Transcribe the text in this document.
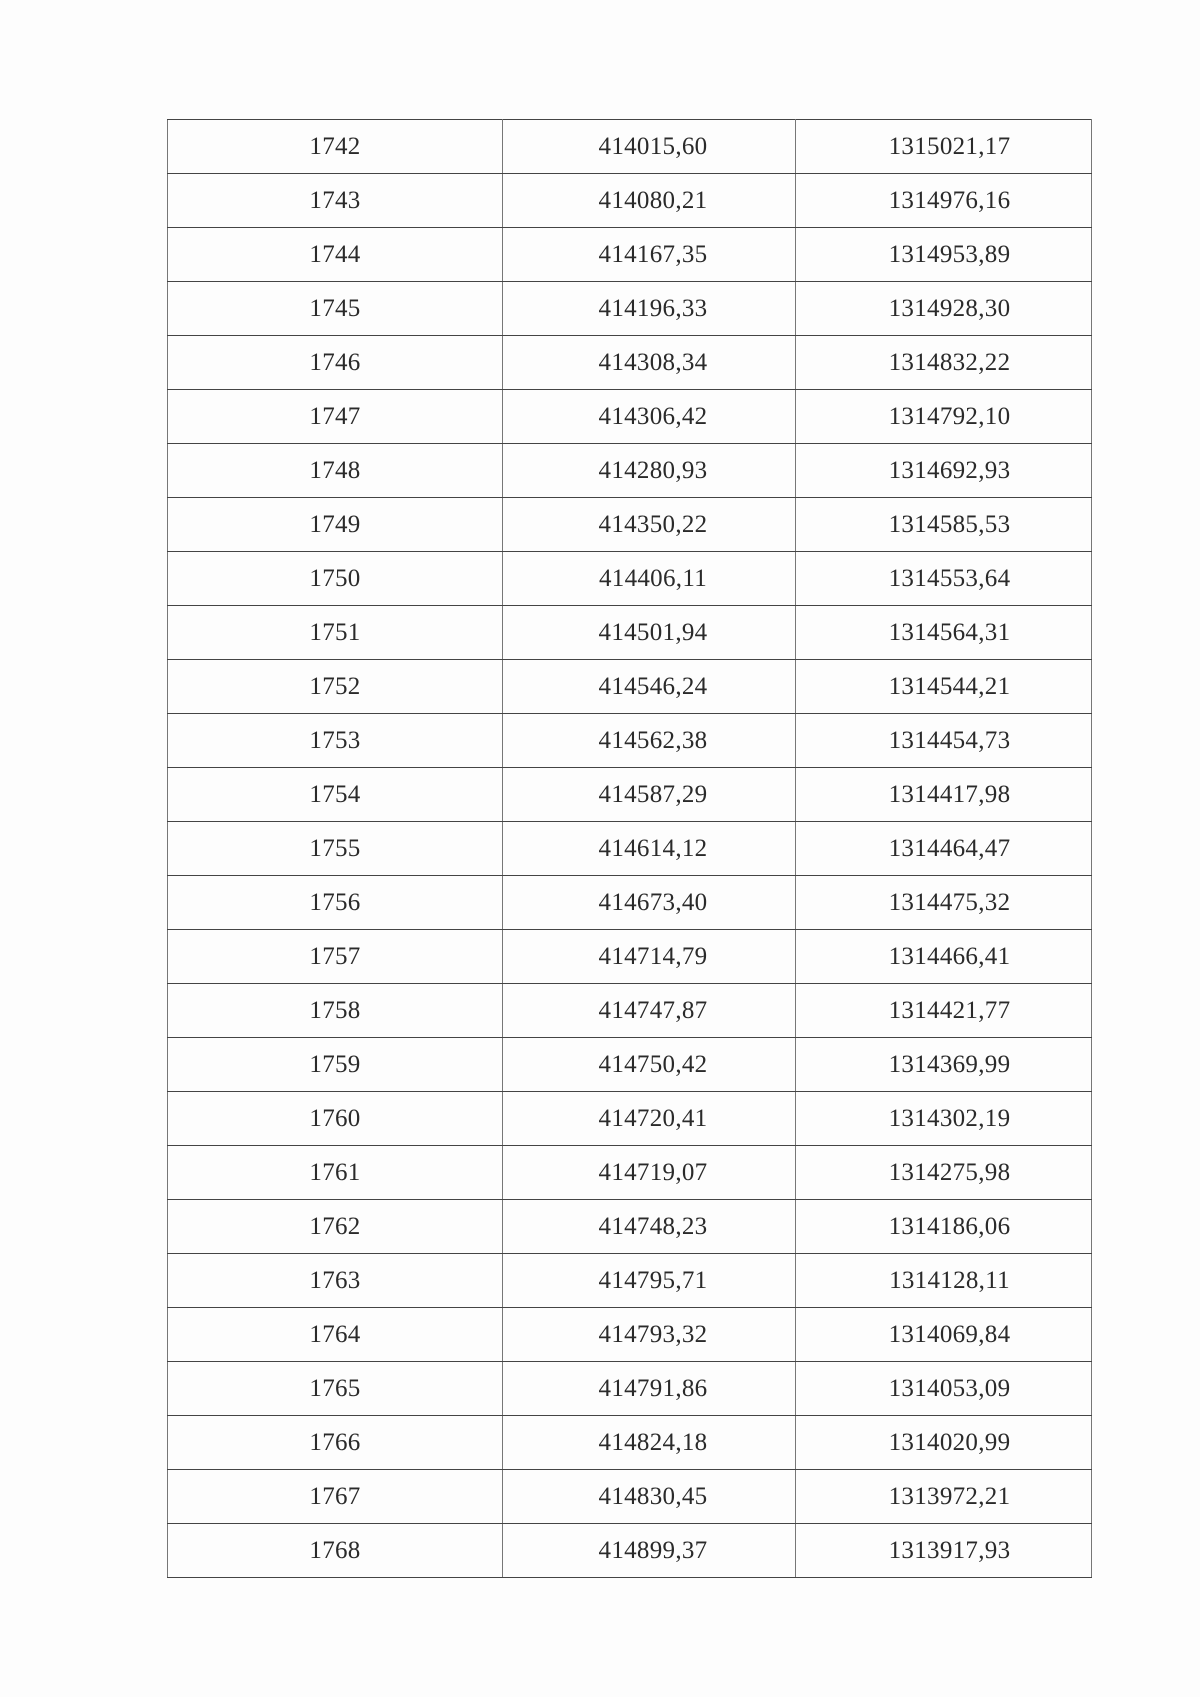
1742	414015,60	1315021,17
1743	414080,21	1314976,16
1744	414167,35	1314953,89
1745	414196,33	1314928,30
1746	414308,34	1314832,22
1747	414306,42	1314792,10
1748	414280,93	1314692,93
1749	414350,22	1314585,53
1750	414406,11	1314553,64
1751	414501,94	1314564,31
1752	414546,24	1314544,21
1753	414562,38	1314454,73
1754	414587,29	1314417,98
1755	414614,12	1314464,47
1756	414673,40	1314475,32
1757	414714,79	1314466,41
1758	414747,87	1314421,77
1759	414750,42	1314369,99
1760	414720,41	1314302,19
1761	414719,07	1314275,98
1762	414748,23	1314186,06
1763	414795,71	1314128,11
1764	414793,32	1314069,84
1765	414791,86	1314053,09
1766	414824,18	1314020,99
1767	414830,45	1313972,21
1768	414899,37	1313917,93
